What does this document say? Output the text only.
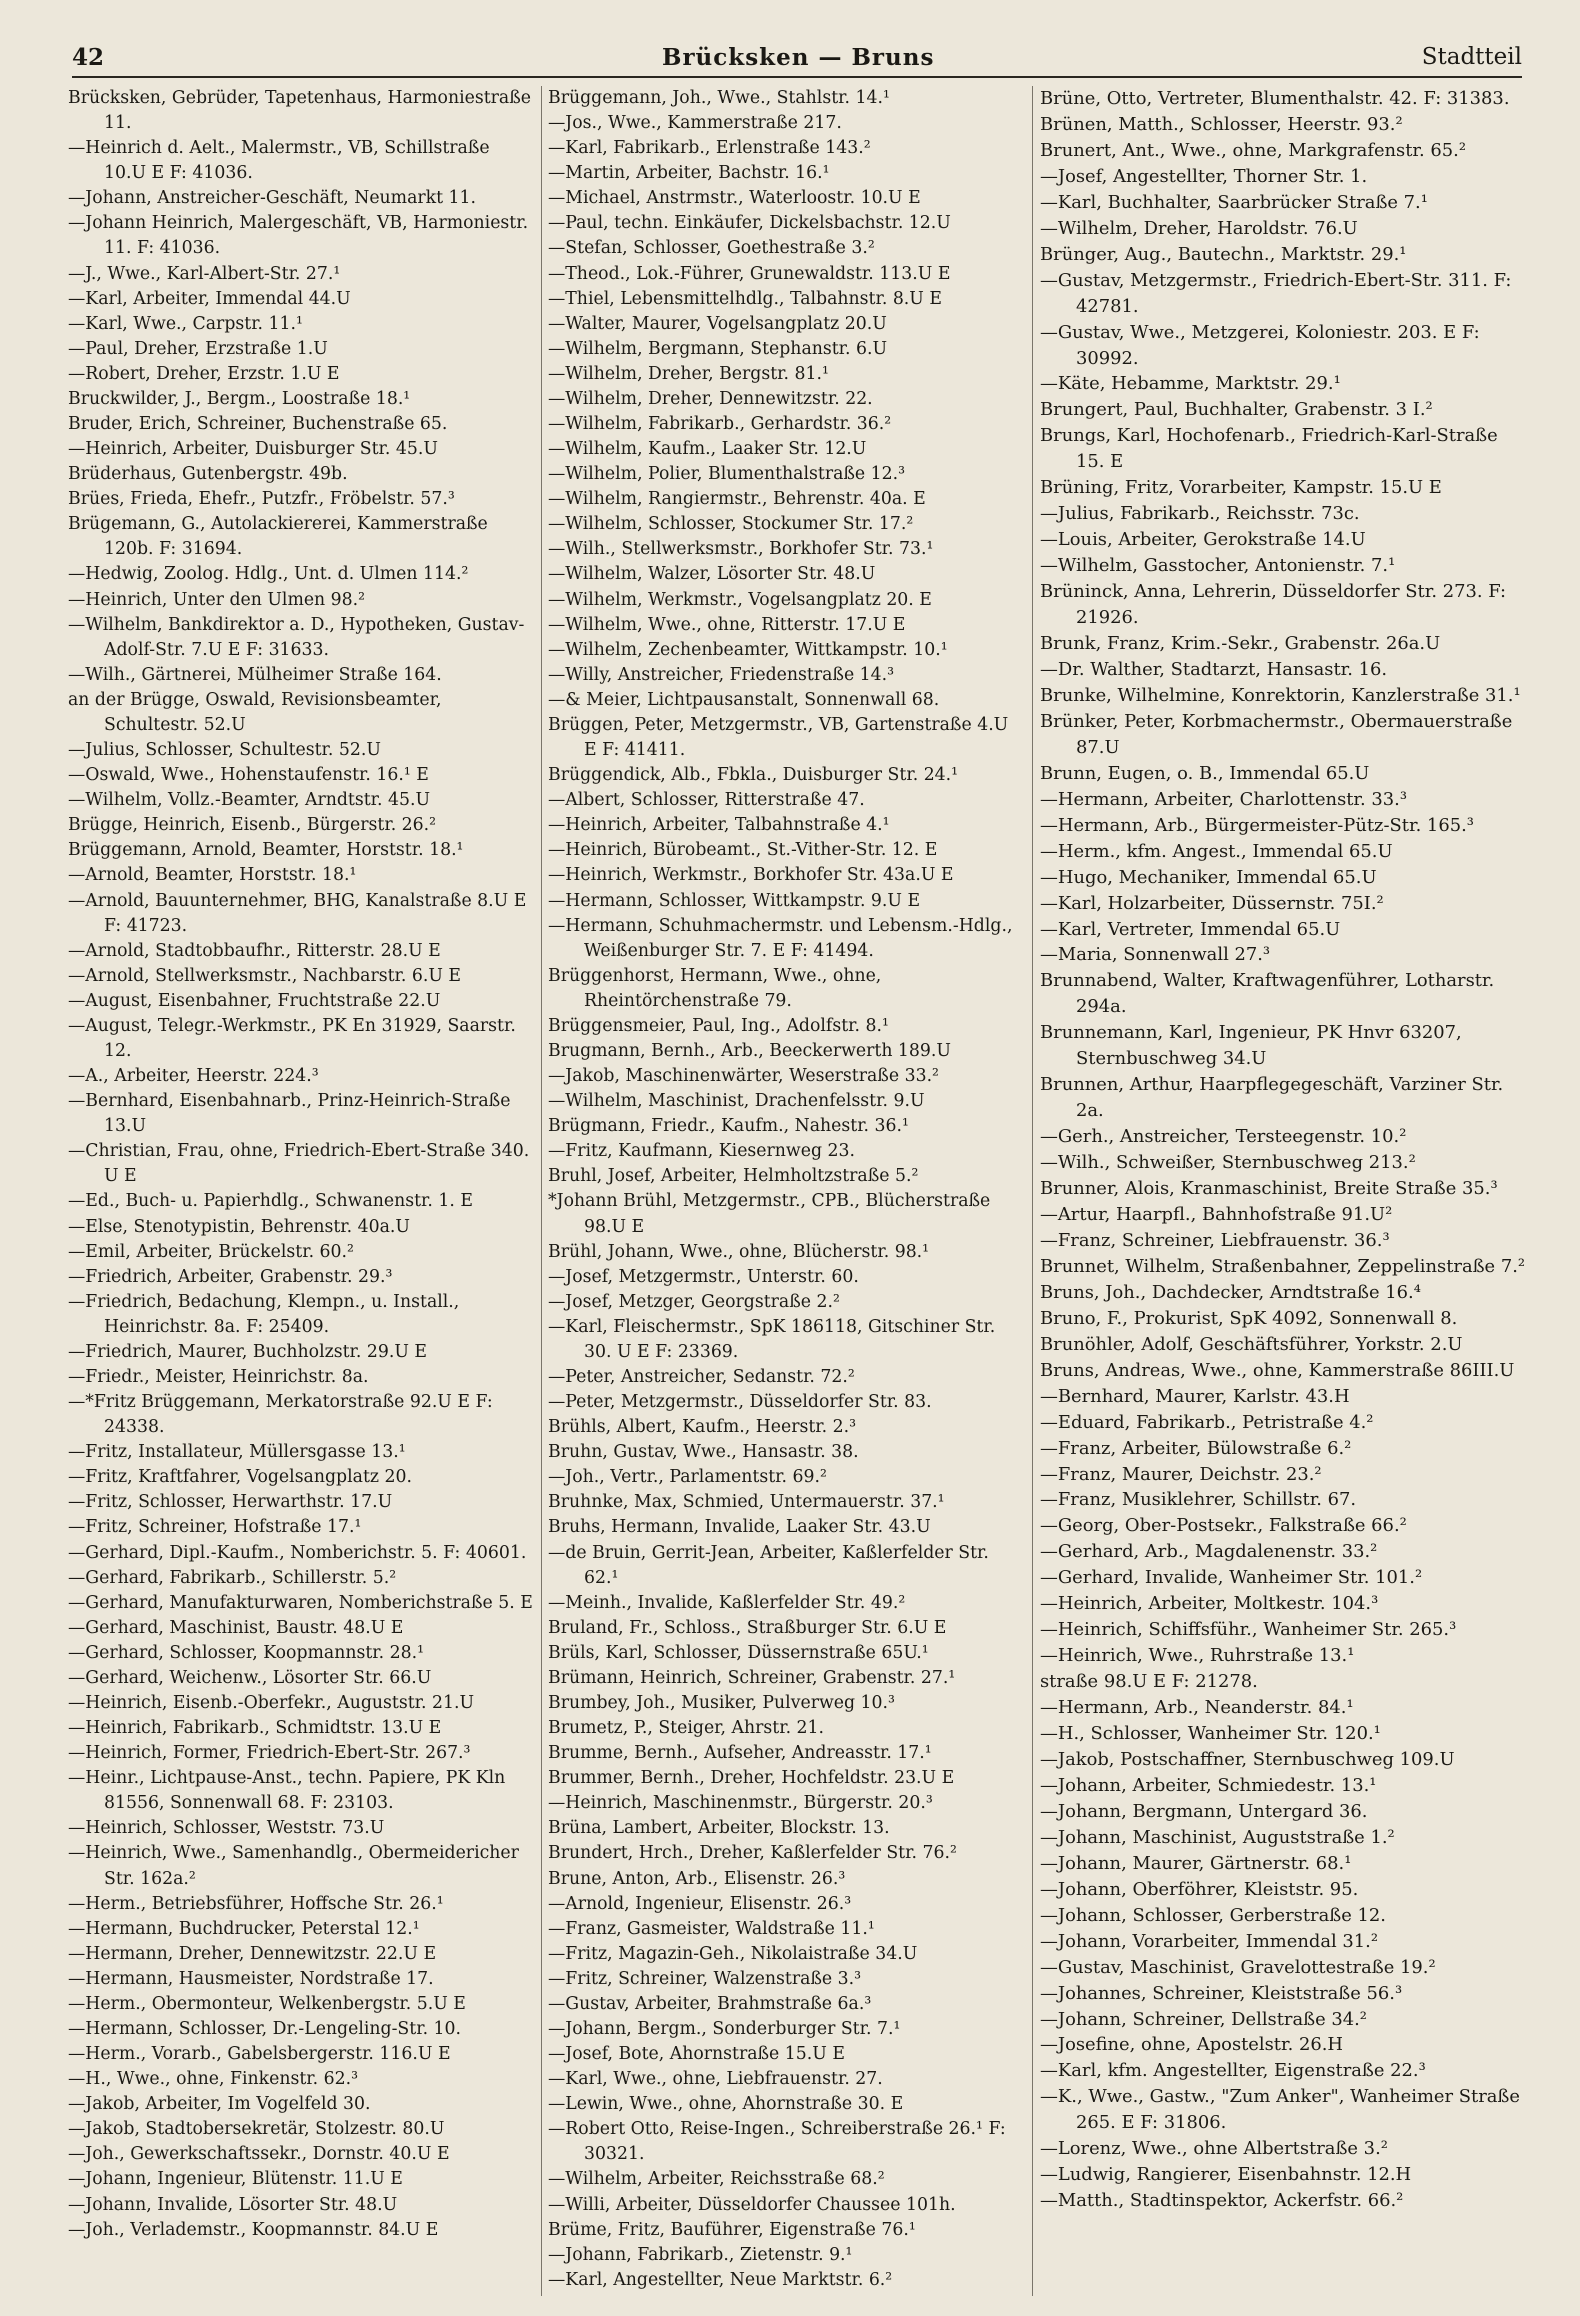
42	Brücksken — Bruns	Stadtteil

Brücksken, Gebrüder, Tapetenhaus, Harmoniestraße 11.

—Heinrich d. Aelt., Malermstr., VB, Schillstraße 10.U E F: 41036.

—Johann, Anstreicher-Geschäft, Neumarkt 11.

—Johann Heinrich, Malergeschäft, VB, Harmoniestr. 11. F: 41036.

—J., Wwe., Karl-Albert-Str. 27.¹

—Karl, Arbeiter, Immendal 44.U

—Karl, Wwe., Carpstr. 11.¹

—Paul, Dreher, Erzstraße 1.U

—Robert, Dreher, Erzstr. 1.U E

Bruckwilder, J., Bergm., Loostraße 18.¹

Bruder, Erich, Schreiner, Buchenstraße 65.

—Heinrich, Arbeiter, Duisburger Str. 45.U

Brüderhaus, Gutenbergstr. 49b.

Brües, Frieda, Ehefr., Putzfr., Fröbelstr. 57.³

Brügemann, G., Autolackiererei, Kammerstraße 120b. F: 31694.

—Hedwig, Zoolog. Hdlg., Unt. d. Ulmen 114.²

—Heinrich, Unter den Ulmen 98.²

—Wilhelm, Bankdirektor a. D., Hypotheken, Gustav-Adolf-Str. 7.U E F: 31633.

—Wilh., Gärtnerei, Mülheimer Straße 164.

an der Brügge, Oswald, Revisionsbeamter, Schultestr. 52.U

—Julius, Schlosser, Schultestr. 52.U

—Oswald, Wwe., Hohenstaufenstr. 16.¹ E

—Wilhelm, Vollz.-Beamter, Arndtstr. 45.U

Brügge, Heinrich, Eisenb., Bürgerstr. 26.²

Brüggemann, Arnold, Beamter, Horststr. 18.¹

—Arnold, Beamter, Horststr. 18.¹

—Arnold, Bauunternehmer, BHG, Kanalstraße 8.U E F: 41723.

—Arnold, Stadtobbaufhr., Ritterstr. 28.U E

—Arnold, Stellwerksmstr., Nachbarstr. 6.U E

—August, Eisenbahner, Fruchtstraße 22.U

—August, Telegr.-Werkmstr., PK En 31929, Saarstr. 12.

—A., Arbeiter, Heerstr. 224.³

—Bernhard, Eisenbahnarb., Prinz-Heinrich-Straße 13.U

—Christian, Frau, ohne, Friedrich-Ebert-Straße 340. U E

—Ed., Buch- u. Papierhdlg., Schwanenstr. 1. E

—Else, Stenotypistin, Behrenstr. 40a.U

—Emil, Arbeiter, Brückelstr. 60.²

—Friedrich, Arbeiter, Grabenstr. 29.³

—Friedrich, Bedachung, Klempn., u. Install., Heinrichstr. 8a. F: 25409.

—Friedrich, Maurer, Buchholzstr. 29.U E

—Friedr., Meister, Heinrichstr. 8a.

—*Fritz Brüggemann, Merkatorstraße 92.U E F: 24338.

—Fritz, Installateur, Müllersgasse 13.¹

—Fritz, Kraftfahrer, Vogelsangplatz 20.

—Fritz, Schlosser, Herwarthstr. 17.U

—Fritz, Schreiner, Hofstraße 17.¹

—Gerhard, Dipl.-Kaufm., Nomberichstr. 5. F: 40601.

—Gerhard, Fabrikarb., Schillerstr. 5.²

—Gerhard, Manufakturwaren, Nomberichstraße 5. E

—Gerhard, Maschinist, Baustr. 48.U E

—Gerhard, Schlosser, Koopmannstr. 28.¹

—Gerhard, Weichenw., Lösorter Str. 66.U

—Heinrich, Eisenb.-Oberfekr., Auguststr. 21.U

—Heinrich, Fabrikarb., Schmidtstr. 13.U E

—Heinrich, Former, Friedrich-Ebert-Str. 267.³

—Heinr., Lichtpause-Anst., techn. Papiere, PK Kln 81556, Sonnenwall 68. F: 23103.

—Heinrich, Schlosser, Weststr. 73.U

—Heinrich, Wwe., Samenhandlg., Obermeidericher Str. 162a.²

—Herm., Betriebsführer, Hoffsche Str. 26.¹

—Hermann, Buchdrucker, Peterstal 12.¹

—Hermann, Dreher, Dennewitzstr. 22.U E

—Hermann, Hausmeister, Nordstraße 17.

—Herm., Obermonteur, Welkenbergstr. 5.U E

—Hermann, Schlosser, Dr.-Lengeling-Str. 10.

—Herm., Vorarb., Gabelsbergerstr. 116.U E

—H., Wwe., ohne, Finkenstr. 62.³

—Jakob, Arbeiter, Im Vogelfeld 30.

—Jakob, Stadtobersekretär, Stolzestr. 80.U

—Joh., Gewerkschaftssekr., Dornstr. 40.U E

—Johann, Ingenieur, Blütenstr. 11.U E

—Johann, Invalide, Lösorter Str. 48.U

—Joh., Verlademstr., Koopmannstr. 84.U E

Brüggemann, Joh., Wwe., Stahlstr. 14.¹

—Jos., Wwe., Kammerstraße 217.

—Karl, Fabrikarb., Erlenstraße 143.²

—Martin, Arbeiter, Bachstr. 16.¹

—Michael, Anstrmstr., Waterloostr. 10.U E

—Paul, techn. Einkäufer, Dickelsbachstr. 12.U

—Stefan, Schlosser, Goethestraße 3.²

—Theod., Lok.-Führer, Grunewaldstr. 113.U E

—Thiel, Lebensmittelhdlg., Talbahnstr. 8.U E

—Walter, Maurer, Vogelsangplatz 20.U

—Wilhelm, Bergmann, Stephanstr. 6.U

—Wilhelm, Dreher, Bergstr. 81.¹

—Wilhelm, Dreher, Dennewitzstr. 22.

—Wilhelm, Fabrikarb., Gerhardstr. 36.²

—Wilhelm, Kaufm., Laaker Str. 12.U

—Wilhelm, Polier, Blumenthalstraße 12.³

—Wilhelm, Rangiermstr., Behrenstr. 40a. E

—Wilhelm, Schlosser, Stockumer Str. 17.²

—Wilh., Stellwerksmstr., Borkhofer Str. 73.¹

—Wilhelm, Walzer, Lösorter Str. 48.U

—Wilhelm, Werkmstr., Vogelsangplatz 20. E

—Wilhelm, Wwe., ohne, Ritterstr. 17.U E

—Wilhelm, Zechenbeamter, Wittkampstr. 10.¹

—Willy, Anstreicher, Friedenstraße 14.³

—& Meier, Lichtpausanstalt, Sonnenwall 68.

Brüggen, Peter, Metzgermstr., VB, Gartenstraße 4.U E F: 41411.

Brüggendick, Alb., Fbkla., Duisburger Str. 24.¹

—Albert, Schlosser, Ritterstraße 47.

—Heinrich, Arbeiter, Talbahnstraße 4.¹

—Heinrich, Bürobeamt., St.-Vither-Str. 12. E

—Heinrich, Werkmstr., Borkhofer Str. 43a.U E

—Hermann, Schlosser, Wittkampstr. 9.U E

—Hermann, Schuhmachermstr. und Lebensm.-Hdlg., Weißenburger Str. 7. E F: 41494.

Brüggenhorst, Hermann, Wwe., ohne, Rheintörchenstraße 79.

Brüggensmeier, Paul, Ing., Adolfstr. 8.¹

Brugmann, Bernh., Arb., Beeckerwerth 189.U

—Jakob, Maschinenwärter, Weserstraße 33.²

—Wilhelm, Maschinist, Drachenfelsstr. 9.U

Brügmann, Friedr., Kaufm., Nahestr. 36.¹

—Fritz, Kaufmann, Kiesernweg 23.

Bruhl, Josef, Arbeiter, Helmholtzstraße 5.²

*Johann Brühl, Metzgermstr., CPB., Blücherstraße 98.U E

Brühl, Johann, Wwe., ohne, Blücherstr. 98.¹

—Josef, Metzgermstr., Unterstr. 60.

—Josef, Metzger, Georgstraße 2.²

—Karl, Fleischermstr., SpK 186118, Gitschiner Str. 30. U E F: 23369.

—Peter, Anstreicher, Sedanstr. 72.²

—Peter, Metzgermstr., Düsseldorfer Str. 83.

Brühls, Albert, Kaufm., Heerstr. 2.³

Bruhn, Gustav, Wwe., Hansastr. 38.

—Joh., Vertr., Parlamentstr. 69.²

Bruhnke, Max, Schmied, Untermauerstr. 37.¹

Bruhs, Hermann, Invalide, Laaker Str. 43.U

—de Bruin, Gerrit-Jean, Arbeiter, Kaßlerfelder Str. 62.¹

—Meinh., Invalide, Kaßlerfelder Str. 49.²

Bruland, Fr., Schloss., Straßburger Str. 6.U E

Brüls, Karl, Schlosser, Düssernstraße 65U.¹

Brümann, Heinrich, Schreiner, Grabenstr. 27.¹

Brumbey, Joh., Musiker, Pulverweg 10.³

Brumetz, P., Steiger, Ahrstr. 21.

Brumme, Bernh., Aufseher, Andreasstr. 17.¹

Brummer, Bernh., Dreher, Hochfeldstr. 23.U E

—Heinrich, Maschinenmstr., Bürgerstr. 20.³

Brüna, Lambert, Arbeiter, Blockstr. 13.

Brundert, Hrch., Dreher, Kaßlerfelder Str. 76.²

Brune, Anton, Arb., Elisenstr. 26.³

—Arnold, Ingenieur, Elisenstr. 26.³

—Franz, Gasmeister, Waldstraße 11.¹

—Fritz, Magazin-Geh., Nikolaistraße 34.U

—Fritz, Schreiner, Walzenstraße 3.³

—Gustav, Arbeiter, Brahmstraße 6a.³

—Johann, Bergm., Sonderburger Str. 7.¹

—Josef, Bote, Ahornstraße 15.U E

—Karl, Wwe., ohne, Liebfrauenstr. 27.

—Lewin, Wwe., ohne, Ahornstraße 30. E

—Robert Otto, Reise-Ingen., Schreiberstraße 26.¹ F: 30321.

—Wilhelm, Arbeiter, Reichsstraße 68.²

—Willi, Arbeiter, Düsseldorfer Chaussee 101h.

Brüme, Fritz, Bauführer, Eigenstraße 76.¹

—Johann, Fabrikarb., Zietenstr. 9.¹

—Karl, Angestellter, Neue Marktstr. 6.²

Brüne, Otto, Vertreter, Blumenthalstr. 42. F: 31383.

Brünen, Matth., Schlosser, Heerstr. 93.²

Brunert, Ant., Wwe., ohne, Markgrafenstr. 65.²

—Josef, Angestellter, Thorner Str. 1.

—Karl, Buchhalter, Saarbrücker Straße 7.¹

—Wilhelm, Dreher, Haroldstr. 76.U

Brünger, Aug., Bautechn., Marktstr. 29.¹

—Gustav, Metzgermstr., Friedrich-Ebert-Str. 311. F: 42781.

—Gustav, Wwe., Metzgerei, Koloniestr. 203. E F: 30992.

—Käte, Hebamme, Marktstr. 29.¹

Brungert, Paul, Buchhalter, Grabenstr. 3 I.²

Brungs, Karl, Hochofenarb., Friedrich-Karl-Straße 15. E

Brüning, Fritz, Vorarbeiter, Kampstr. 15.U E

—Julius, Fabrikarb., Reichsstr. 73c.

—Louis, Arbeiter, Gerokstraße 14.U

—Wilhelm, Gasstocher, Antonienstr. 7.¹

Brüninck, Anna, Lehrerin, Düsseldorfer Str. 273. F: 21926.

Brunk, Franz, Krim.-Sekr., Grabenstr. 26a.U

—Dr. Walther, Stadtarzt, Hansastr. 16.

Brunke, Wilhelmine, Konrektorin, Kanzlerstraße 31.¹

Brünker, Peter, Korbmachermstr., Obermauerstraße 87.U

Brunn, Eugen, o. B., Immendal 65.U

—Hermann, Arbeiter, Charlottenstr. 33.³

—Hermann, Arb., Bürgermeister-Pütz-Str. 165.³

—Herm., kfm. Angest., Immendal 65.U

—Hugo, Mechaniker, Immendal 65.U

—Karl, Holzarbeiter, Düssernstr. 75I.²

—Karl, Vertreter, Immendal 65.U

—Maria, Sonnenwall 27.³

Brunnabend, Walter, Kraftwagenführer, Lotharstr. 294a.

Brunnemann, Karl, Ingenieur, PK Hnvr 63207, Sternbuschweg 34.U

Brunnen, Arthur, Haarpflegegeschäft, Varziner Str. 2a.

—Gerh., Anstreicher, Tersteegenstr. 10.²

—Wilh., Schweißer, Sternbuschweg 213.²

Brunner, Alois, Kranmaschinist, Breite Straße 35.³

—Artur, Haarpfl., Bahnhofstraße 91.U²

—Franz, Schreiner, Liebfrauenstr. 36.³

Brunnet, Wilhelm, Straßenbahner, Zeppelinstraße 7.²

Bruns, Joh., Dachdecker, Arndtstraße 16.⁴

Bruno, F., Prokurist, SpK 4092, Sonnenwall 8.

Brunöhler, Adolf, Geschäftsführer, Yorkstr. 2.U

Bruns, Andreas, Wwe., ohne, Kammerstraße 86III.U

—Bernhard, Maurer, Karlstr. 43.H

—Eduard, Fabrikarb., Petristraße 4.²

—Franz, Arbeiter, Bülowstraße 6.²

—Franz, Maurer, Deichstr. 23.²

—Franz, Musiklehrer, Schillstr. 67.

—Georg, Ober-Postsekr., Falkstraße 66.²

—Gerhard, Arb., Magdalenenstr. 33.²

—Gerhard, Invalide, Wanheimer Str. 101.²

—Heinrich, Arbeiter, Moltkestr. 104.³

—Heinrich, Schiffsführ., Wanheimer Str. 265.³

—Heinrich, Wwe., Ruhrstraße 13.¹

straße 98.U E F: 21278.

—Hermann, Arb., Neanderstr. 84.¹

—H., Schlosser, Wanheimer Str. 120.¹

—Jakob, Postschaffner, Sternbuschweg 109.U

—Johann, Arbeiter, Schmiedestr. 13.¹

—Johann, Bergmann, Untergard 36.

—Johann, Maschinist, Auguststraße 1.²

—Johann, Maurer, Gärtnerstr. 68.¹

—Johann, Oberföhrer, Kleiststr. 95.

—Johann, Schlosser, Gerberstraße 12.

—Johann, Vorarbeiter, Immendal 31.²

—Gustav, Maschinist, Gravelottestraße 19.²

—Johannes, Schreiner, Kleiststraße 56.³

—Johann, Schreiner, Dellstraße 34.²

—Josefine, ohne, Apostelstr. 26.H

—Karl, kfm. Angestellter, Eigenstraße 22.³

—K., Wwe., Gastw., "Zum Anker", Wanheimer Straße 265. E F: 31806.

—Lorenz, Wwe., ohne Albertstraße 3.²

—Ludwig, Rangierer, Eisenbahnstr. 12.H

—Matth., Stadtinspektor, Ackerfstr. 66.²
